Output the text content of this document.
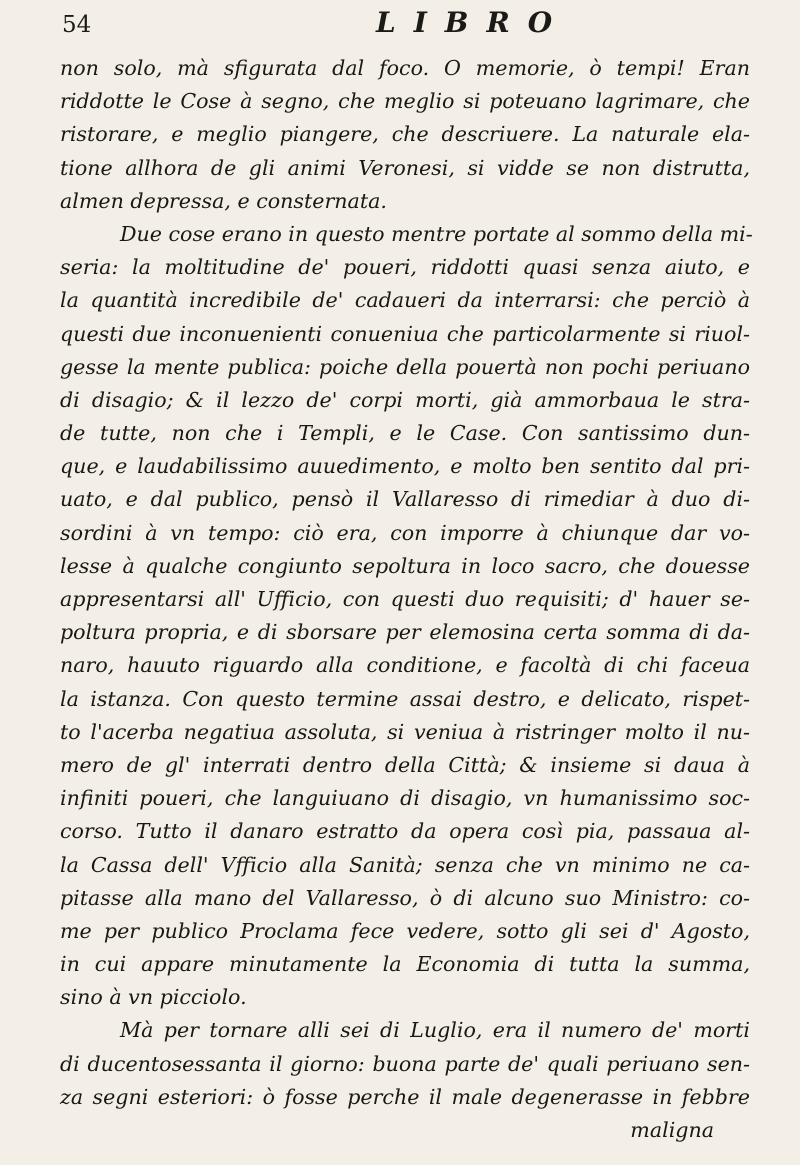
54	LIBRO
non solo, mà sfigurata dal foco. O memorie, ò tempi! Eran
riddotte le Cose à segno, che meglio si poteuano lagrimare, che
ristorare, e meglio piangere, che descriuere. La naturale ela-
tione allhora de gli animi Veronesi, si vidde se non distrutta,
almen depressa, e consternata.
Due cose erano in questo mentre portate al sommo della mi-
seria: la moltitudine de' poueri, riddotti quasi senza aiuto, e
la quantità incredibile de' cadaueri da interrarsi: che perciò à
questi due inconuenienti conueniua che particolarmente si riuol-
gesse la mente publica: poiche della pouertà non pochi periuano
di disagio; & il lezzo de' corpi morti, già ammorbaua le stra-
de tutte, non che i Templi, e le Case. Con santissimo dun-
que, e laudabilissimo auuedimento, e molto ben sentito dal pri-
uato, e dal publico, pensò il Vallaresso di rimediar à duo di-
sordini à vn tempo: ciò era, con imporre à chiunque dar vo-
lesse à qualche congiunto sepoltura in loco sacro, che douesse
appresentarsi all' Ufficio, con questi duo requisiti; d' hauer se-
poltura propria, e di sborsare per elemosina certa somma di da-
naro, hauuto riguardo alla conditione, e facoltà di chi faceua
la istanza. Con questo termine assai destro, e delicato, rispet-
to l'acerba negatiua assoluta, si veniua à ristringer molto il nu-
mero de gl' interrati dentro della Città; & insieme si daua à
infiniti poueri, che languiuano di disagio, vn humanissimo soc-
corso. Tutto il danaro estratto da opera così pia, passaua al-
la Cassa dell' Vfficio alla Sanità; senza che vn minimo ne ca-
pitasse alla mano del Vallaresso, ò di alcuno suo Ministro: co-
me per publico Proclama fece vedere, sotto gli sei d' Agosto,
in cui appare minutamente la Economia di tutta la summa,
sino à vn picciolo.
Mà per tornare alli sei di Luglio, era il numero de' morti
di ducentosessanta il giorno: buona parte de' quali periuano sen-
za segni esteriori: ò fosse perche il male degenerasse in febbre
maligna
